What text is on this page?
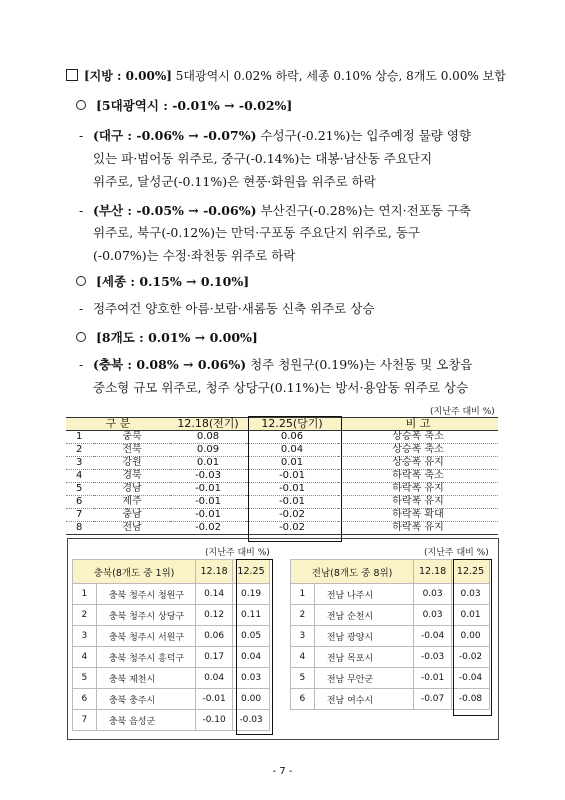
[지방 : 0.00%] 5대광역시 0.02% 하락, 세종 0.10% 상승, 8개도 0.00% 보합
[5대광역시 : -0.01% → -0.02%]
- (대구 : -0.06% → -0.07%) 수성구(-0.21%)는 입주예정 물량 영향
있는 파·범어동 위주로, 중구(-0.14%)는 대봉·남산동 주요단지
위주로, 달성군(-0.11%)은 현풍·화원읍 위주로 하락
- (부산 : -0.05% → -0.06%) 부산진구(-0.28%)는 연지·전포동 구축
위주로, 북구(-0.12%)는 만덕·구포동 주요단지 위주로, 동구
(-0.07%)는 수정·좌천동 위주로 하락
[세종 : 0.15% → 0.10%]
- 정주여건 양호한 아름·보람·새롬동 신축 위주로 상승
[8개도 : 0.01% → 0.00%]
- (충북 : 0.08% → 0.06%) 청주 청원구(0.19%)는 사천동 및 오창읍
중소형 규모 위주로, 청주 상당구(0.11%)는 방서·용암동 위주로 상승
(지난주 대비 %)
구 분		12.18(전기)	12.25(당기)	비 고
1	충북	0.08	0.06	상승폭 축소
2	전북	0.09	0.04	상승폭 축소
3	강원	0.01	0.01	상승폭 유지
4	경북	-0.03	-0.01	하락폭 축소
5	경남	-0.01	-0.01	하락폭 유지
6	제주	-0.01	-0.01	하락폭 유지
7	충남	-0.01	-0.02	하락폭 확대
8	전남	-0.02	-0.02	하락폭 유지
(지난주 대비 %)	(지난주 대비 %)
충북(8개도 중 1위)		12.18	12.25
1	충북 청주시 청원구	0.14	0.19
2	충북 청주시 상당구	0.12	0.11
3	충북 청주시 서원구	0.06	0.05
4	충북 청주시 흥덕구	0.17	0.04
5	충북 제천시	0.04	0.03
6	충북 충주시	-0.01	0.00
7	충북 음성군	-0.10	-0.03
전남(8개도 중 8위)		12.18	12.25
1	전남 나주시	0.03	0.03
2	전남 순천시	0.03	0.01
3	전남 광양시	-0.04	0.00
4	전남 목포시	-0.03	-0.02
5	전남 무안군	-0.01	-0.04
6	전남 여수시	-0.07	-0.08
- 7 -
